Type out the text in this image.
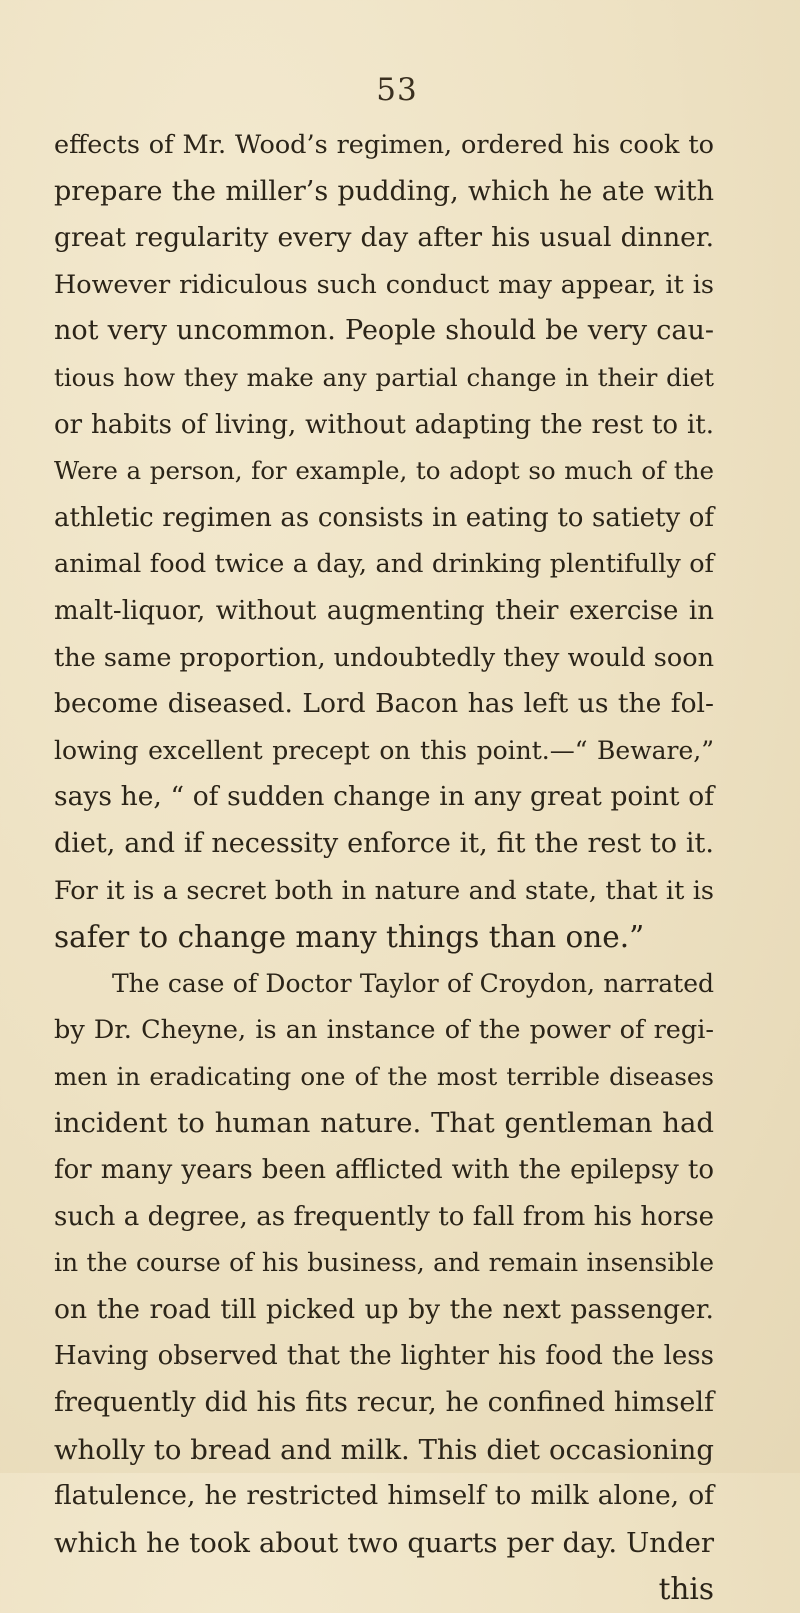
53
effects of Mr. Wood’s regimen, ordered his cook to
prepare the miller’s pudding, which he ate with
great regularity every day after his usual dinner.
However ridiculous such conduct may appear, it is
not very uncommon. People should be very cau-
tious how they make any partial change in their diet
or habits of living, without adapting the rest to it.
Were a person, for example, to adopt so much of the
athletic regimen as consists in eating to satiety of
animal food twice a day, and drinking plentifully of
malt-liquor, without augmenting their exercise in
the same proportion, undoubtedly they would soon
become diseased. Lord Bacon has left us the fol-
lowing excellent precept on this point.—“ Beware,”
says he, “ of sudden change in any great point of
diet, and if necessity enforce it, fit the rest to it.
For it is a secret both in nature and state, that it is
safer to change many things than one.”
The case of Doctor Taylor of Croydon, narrated
by Dr. Cheyne, is an instance of the power of regi-
men in eradicating one of the most terrible diseases
incident to human nature. That gentleman had
for many years been afflicted with the epilepsy to
such a degree, as frequently to fall from his horse
in the course of his business, and remain insensible
on the road till picked up by the next passenger.
Having observed that the lighter his food the less
frequently did his fits recur, he confined himself
wholly to bread and milk. This diet occasioning
flatulence, he restricted himself to milk alone, of
which he took about two quarts per day. Under
this
